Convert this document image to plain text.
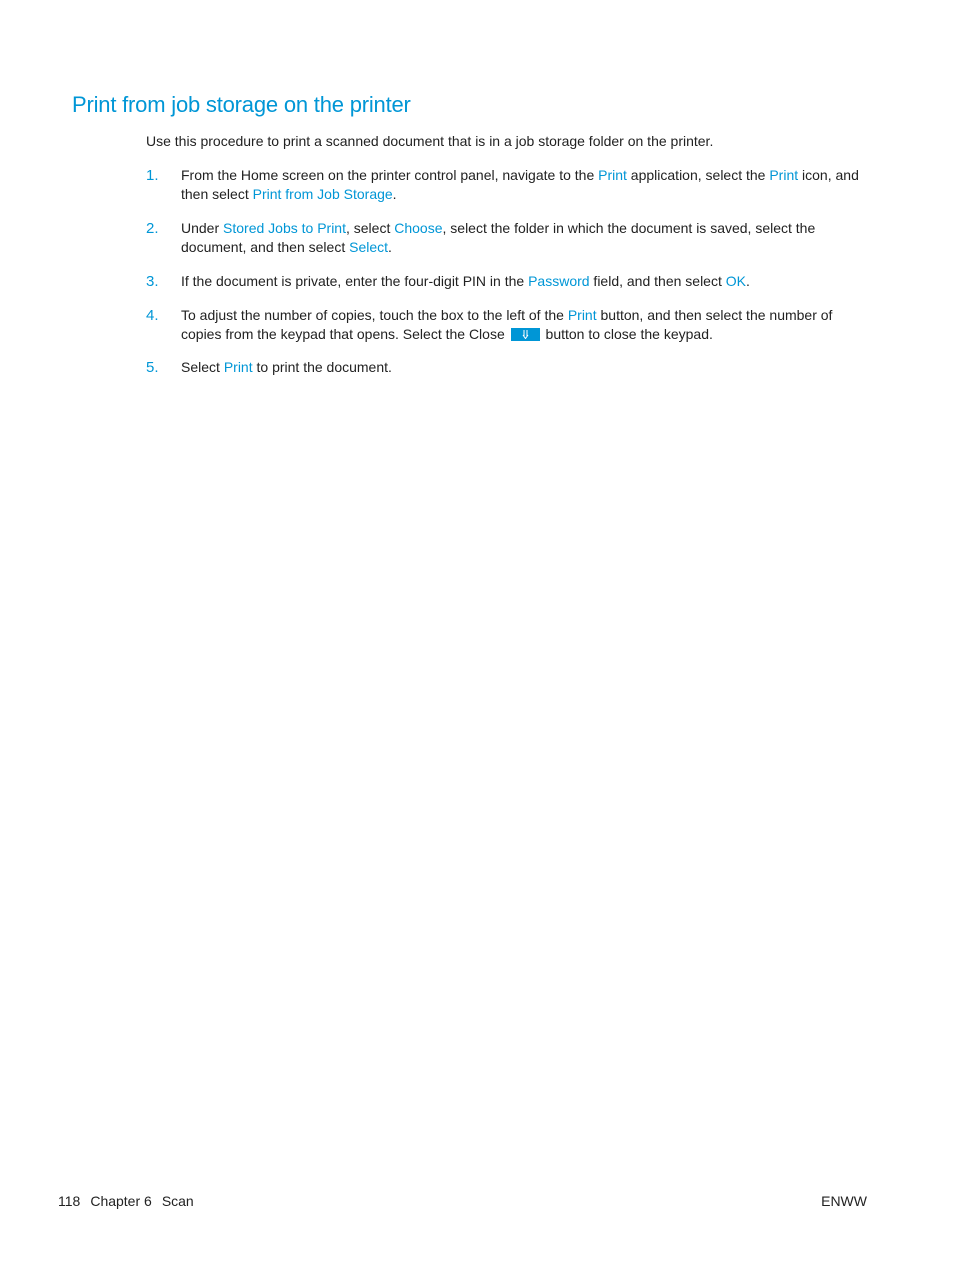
Print from job storage on the printer

Use this procedure to print a scanned document that is in a job storage folder on the printer.

1. From the Home screen on the printer control panel, navigate to the Print application, select the Print icon, and then select Print from Job Storage.
2. Under Stored Jobs to Print, select Choose, select the folder in which the document is saved, select the document, and then select Select.
3. If the document is private, enter the four-digit PIN in the Password field, and then select OK.
4. To adjust the number of copies, touch the box to the left of the Print button, and then select the number of copies from the keypad that opens. Select the Close
button to close the keypad.
5. Select Print to print the document.
118 Chapter 6 Scan	ENWW
